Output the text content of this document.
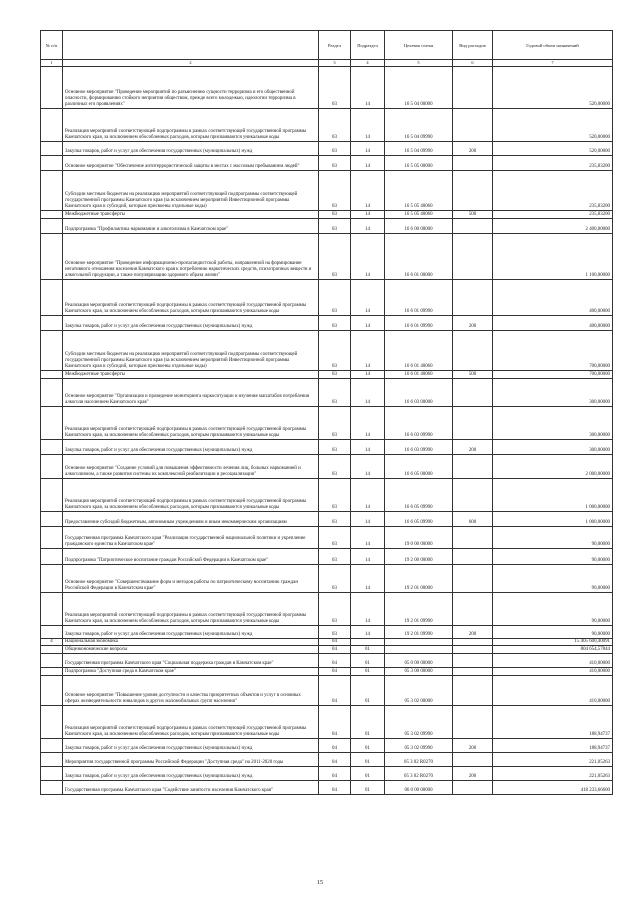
№ п/п		Раздел	Подраздел	Целевая статья	Вид расходов	Годовой объем назначений
1	2	3	4	5	6	7
	Основное мероприятие "Проведение мероприятий по разъяснению сущности терроризма и его общественной опасности, формированию стойкого неприятия обществом, прежде всего молодежью, идеологии терроризма в различных его проявлениях"	03	14	16 5 04 00000		520,00000
	Реализация мероприятий соответствующей подпрограммы в рамках соответствующей государственной программы Камчатского края, за исключением обособленных расходов, которым присваиваются уникальные коды	03	14	16 5 04 09990		520,00000
	Закупка товаров, работ и услуг для обеспечения государственных (муниципальных) нужд	03	14	16 5 04 09990	200	520,00000
	Основное мероприятие "Обеспечение антитеррористической защиты в местах с массовым пребыванием людей"	03	14	16 5 05 00000		235,83200
	Субсидии местным бюджетам на реализацию мероприятий соответствующей подпрограммы соответствующей государственной программы Камчатского края (за исключением мероприятий Инвестиционной программы Камчатского края и субсидий, которым присвоены отдельные коды)	03	14	16 5 05 40060		235,83200
	Межбюджетные трансферты	03	14	16 5 05 40060	500	235,83200
	Подпрограмма "Профилактика наркомании и алкоголизма в Камчатском крае"	03	14	16 6 00 00000		2 400,00000
	Основное мероприятие "Проведение информационно-пропагандистской работы, направленной на формирование негативного отношения населения Камчатского края к потреблению наркотических средств, психотропных веществ и алкогольной продукции, а также популяризацию здорового образа жизни"	03	14	16 6 01 00000		1 100,00000
	Реализация мероприятий соответствующей подпрограммы в рамках соответствующей государственной программы Камчатского края, за исключением обособленных расходов, которым присваиваются уникальные коды	03	14	16 6 01 09990		400,00000
	Закупка товаров, работ и услуг для обеспечения государственных (муниципальных) нужд	03	14	16 6 01 09990	200	400,00000
	Субсидии местным бюджетам на реализацию мероприятий соответствующей подпрограммы соответствующей государственной программы Камчатского края (за исключением мероприятий Инвестиционной программы Камчатского края и субсидий, которым присвоены отдельные коды)	03	14	16 6 01 40060		700,00000
	Межбюджетные трансферты	03	14	16 6 01 40060	500	700,00000
	Основное мероприятие "Организация и проведение мониторинга наркоситуации и изучения масштабов потребления алкоголя населением Камчатского края"	03	14	16 6 03 00000		300,00000
	Реализация мероприятий соответствующей подпрограммы в рамках соответствующей государственной программы Камчатского края, за исключением обособленных расходов, которым присваиваются уникальные коды	03	14	16 6 03 09990		300,00000
	Закупка товаров, работ и услуг для обеспечения государственных (муниципальных) нужд	03	14	16 6 03 09990	200	300,00000
	Основное мероприятие "Создание условий для повышения эффективности лечения лиц, больных наркоманией и алкоголизмом, а также развития системы их комплексной реабилитации и ресоциализации"	03	14	16 6 05 00000		2 000,00000
	Реализация мероприятий соответствующей подпрограммы в рамках соответствующей государственной программы Камчатского края, за исключением обособленных расходов, которым присваиваются уникальные коды	03	14	16 6 05 09990		1 000,00000
	Предоставление субсидий бюджетным, автономным учреждениям и иным некоммерческим организациям	03	14	16 6 05 09990	600	1 000,00000
	Государственная программа Камчатского края "Реализация государственной национальной политики и укрепление гражданского единства в Камчатском крае"	03	14	19 0 00 00000		90,00000
	Подпрограмма "Патриотическое воспитание граждан Российской Федерации в Камчатском крае"	03	14	19 2 00 00000		90,00000
	Основное мероприятие "Совершенствование форм и методов работы по патриотическому воспитанию граждан Российской Федерации в Камчатском крае"	03	14	19 2 01 00000		90,00000
	Реализация мероприятий соответствующей подпрограммы в рамках соответствующей государственной программы Камчатского края, за исключением обособленных расходов, которым присваиваются уникальные коды	03	14	19 2 01 09990		90,00000
	Закупка товаров, работ и услуг для обеспечения государственных (муниципальных) нужд	03	14	19 2 01 09990	200	90,00000
4	Национальная экономика	04				15 405 600,40091
	Общеэкономические вопросы	04	01			804 654,57844
	Государственная программа Камчатского края "Социальная поддержка граждан в Камчатском крае"	04	01	05 0 00 00000		410,00000
	Подпрограмма "Доступная среда в Камчатском крае"	04	01	05 3 00 00000		410,00000
	Основное мероприятие "Повышение уровня доступности и качества приоритетных объектов и услуг в основных сферах жизнедеятельности инвалидов и других маломобильных групп населения"	04	01	05 3 02 00000		410,00000
	Реализация мероприятий соответствующей подпрограммы в рамках соответствующей государственной программы Камчатского края, за исключением обособленных расходов, которым присваиваются уникальные коды	04	01	05 3 02 09990		188,94737
	Закупка товаров, работ и услуг для обеспечения государственных (муниципальных) нужд	04	01	05 3 02 09990	200	188,94737
	Мероприятия государственной программы Российской Федерации "Доступная среда" на 2011-2020 годы	04	01	05 3 02 R0270		221,05263
	Закупка товаров, работ и услуг для обеспечения государственных (муниципальных) нужд	04	01	05 3 02 R0270	200	221,05263
	Государственная программа Камчатского края "Содействие занятости населения Камчатского края"	04	01	06 0 00 00000		418 233,66600
15
